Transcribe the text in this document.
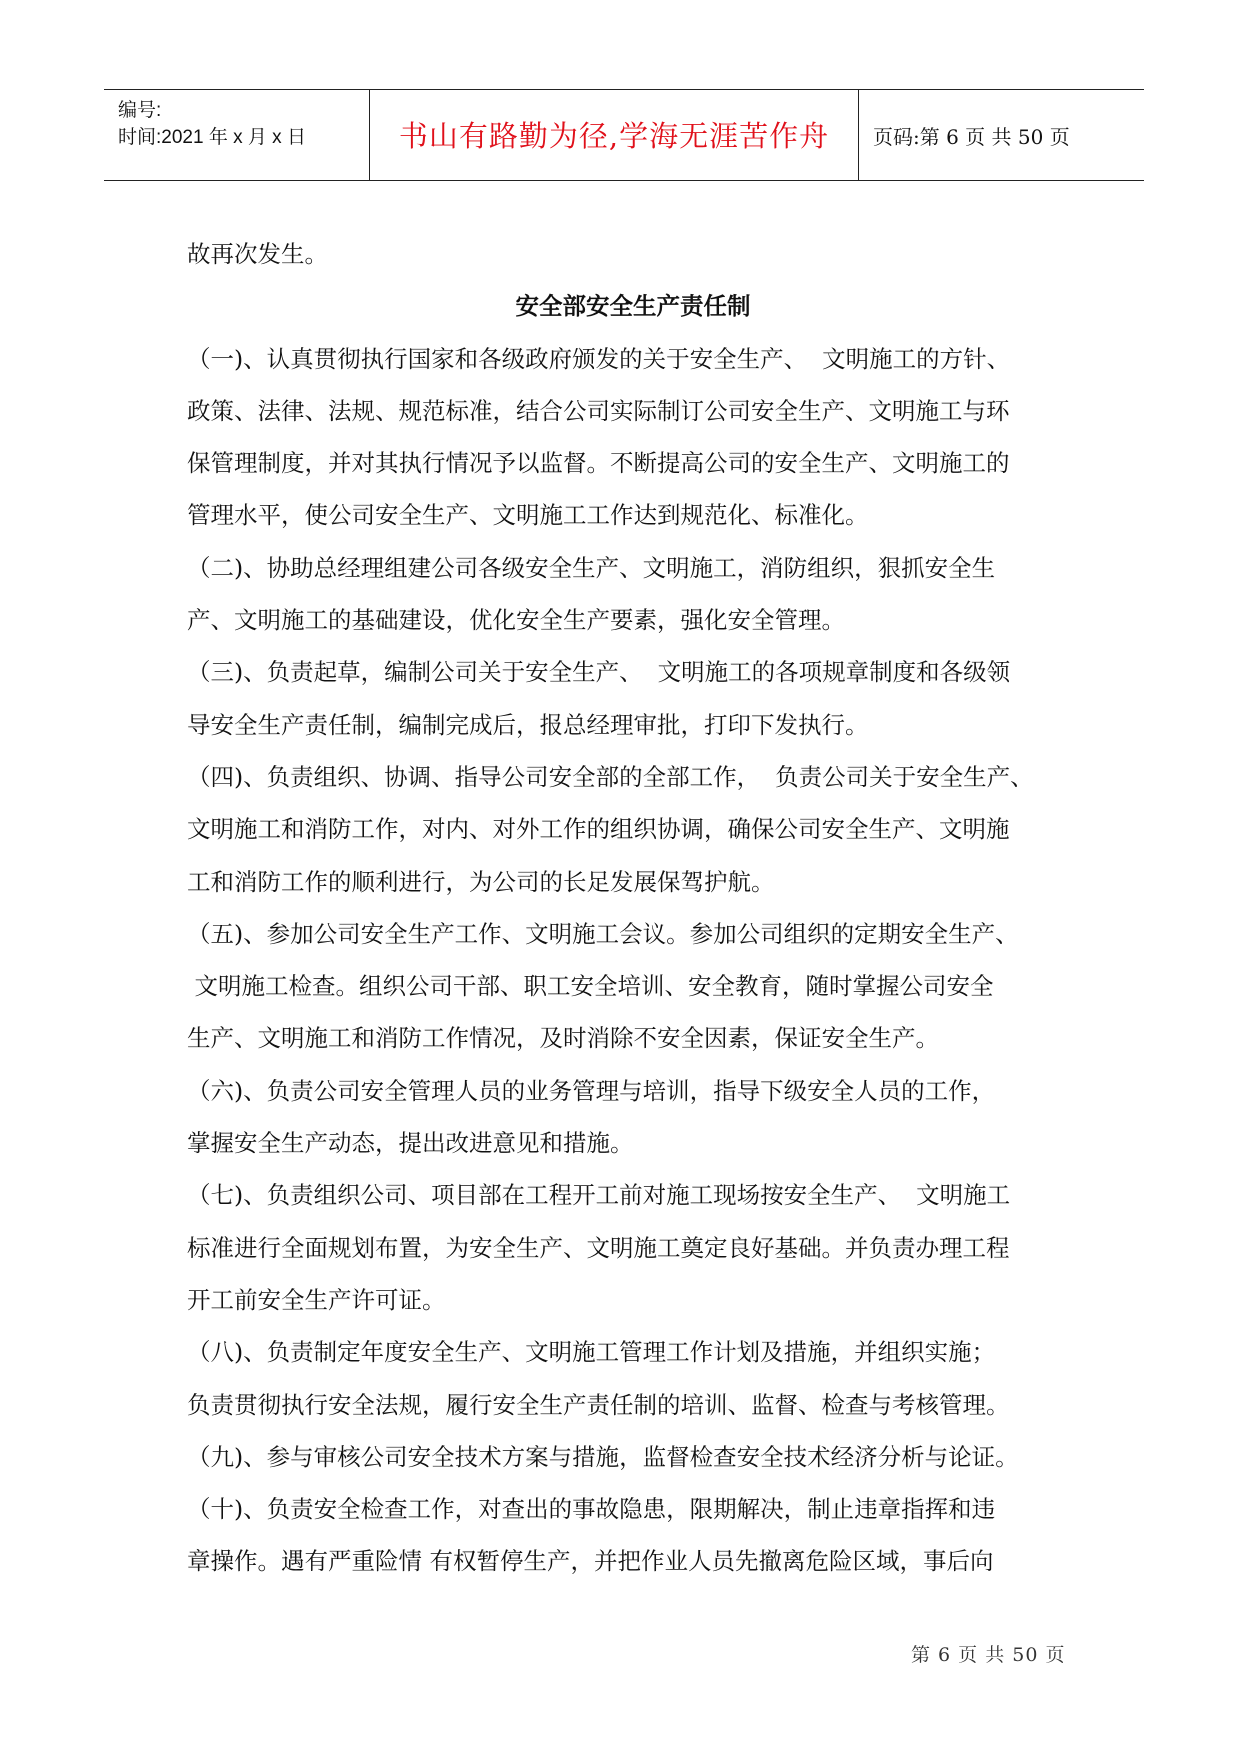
编号:
时间:2021 年 x 月 x 日	书山有路勤为径,学海无涯苦作舟 页码:第 6 页 共 50 页

故再次发生。

安全部安全生产责任制

（一)、认真贯彻执行国家和各级政府颁发的关于安全生产、  文明施工的方针、

政策、法律、法规、规范标准，结合公司实际制订公司安全生产、文明施工与环

保管理制度，并对其执行情况予以监督。不断提高公司的安全生产、文明施工的

管理水平，使公司安全生产、文明施工工作达到规范化、标准化。

（二)、协助总经理组建公司各级安全生产、文明施工，消防组织，狠抓安全生

产、文明施工的基础建设，优化安全生产要素，强化安全管理。

（三)、负责起草，编制公司关于安全生产、  文明施工的各项规章制度和各级领

导安全生产责任制，编制完成后，报总经理审批，打印下发执行。

（四)、负责组织、协调、指导公司安全部的全部工作，  负责公司关于安全生产、

文明施工和消防工作，对内、对外工作的组织协调，确保公司安全生产、文明施

工和消防工作的顺利进行，为公司的长足发展保驾护航。

（五)、参加公司安全生产工作、文明施工会议。参加公司组织的定期安全生产、

文明施工检查。组织公司干部、职工安全培训、安全教育，随时掌握公司安全

生产、文明施工和消防工作情况，及时消除不安全因素，保证安全生产。

（六)、负责公司安全管理人员的业务管理与培训，指导下级安全人员的工作，

掌握安全生产动态，提出改进意见和措施。

（七)、负责组织公司、项目部在工程开工前对施工现场按安全生产、  文明施工

标准进行全面规划布置，为安全生产、文明施工奠定良好基础。并负责办理工程

开工前安全生产许可证。

（八)、负责制定年度安全生产、文明施工管理工作计划及措施，并组织实施；

负责贯彻执行安全法规，履行安全生产责任制的培训、监督、检查与考核管理。

（九)、参与审核公司安全技术方案与措施，监督检查安全技术经济分析与论证。

（十)、负责安全检查工作，对查出的事故隐患，限期解决，制止违章指挥和违

章操作。遇有严重险情 有权暂停生产，并把作业人员先撤离危险区域，事后向

第 6 页 共 50 页
